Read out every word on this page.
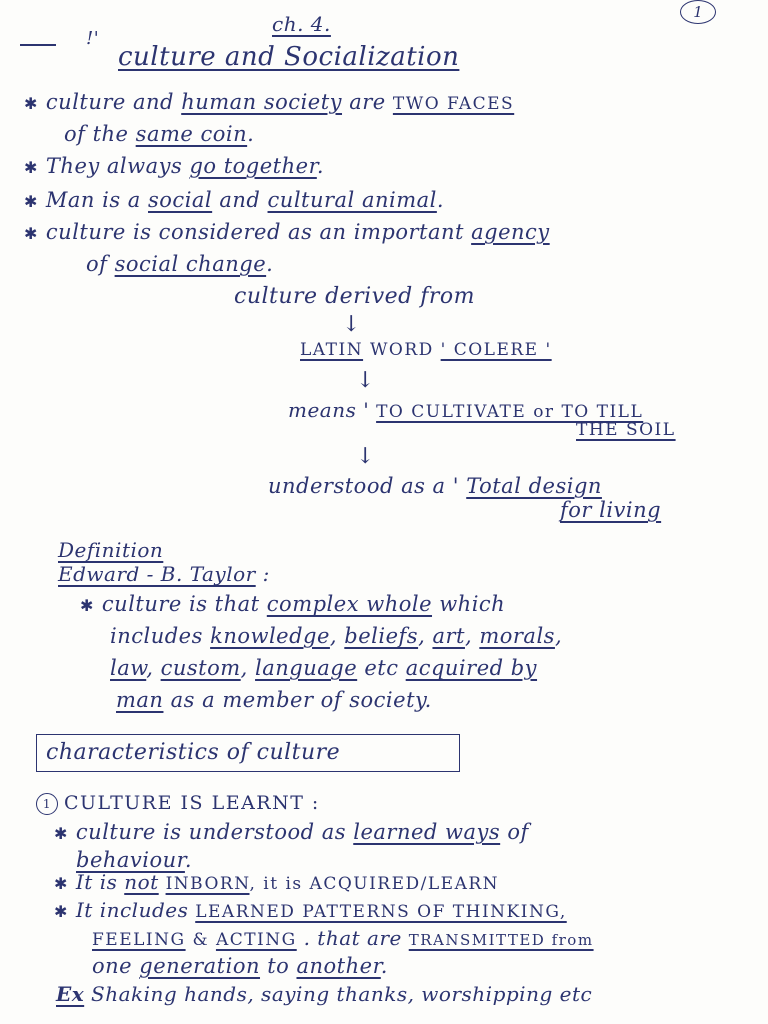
1
!'
ch. 4.
culture and Socialization
✱ culture and human society are TWO FACES
of the same coin.
✱ They always go together.
✱ Man is a social and cultural animal.
✱ culture is considered as an important agency
of social change.
culture derived from
↓
LATIN WORD ' COLERE '
↓
means ' TO CULTIVATE or TO TILL
THE SOIL
↓
understood as a ' Total design
for living
Definition
Edward - B. Taylor :
✱ culture is that complex whole which
includes knowledge, beliefs, art, morals,
law, custom, language etc acquired by
man as a member of society.
characteristics of culture
1 CULTURE IS LEARNT :
✱ culture is understood as learned ways of
behaviour.
✱ It is not INBORN, it is ACQUIRED/LEARN
✱ It includes LEARNED PATTERNS OF THINKING,
FEELING & ACTING . that are TRANSMITTED from
one generation to another.
Ex Shaking hands, saying thanks, worshipping etc
